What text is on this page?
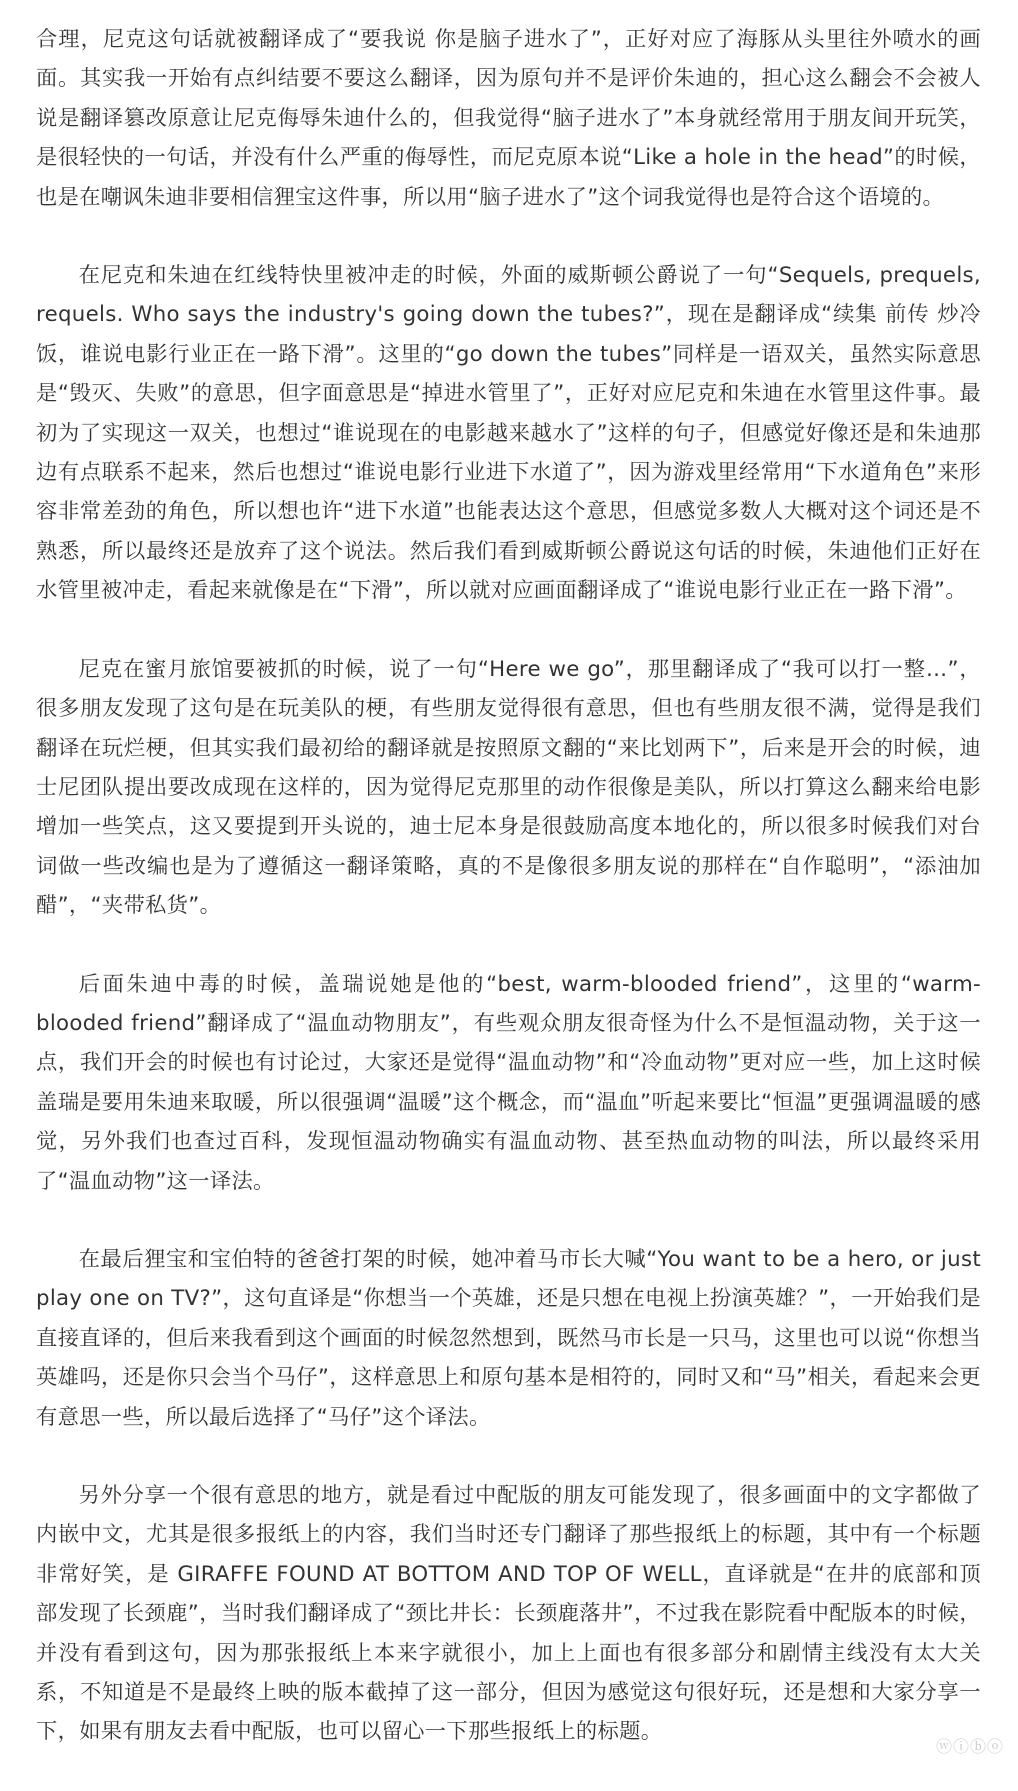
合理，尼克这句话就被翻译成了“要我说 你是脑子进水了”，正好对应了海豚从头里往外喷水的画面。其实我一开始有点纠结要不要这么翻译，因为原句并不是评价朱迪的，担心这么翻会不会被人说是翻译篡改原意让尼克侮辱朱迪什么的，但我觉得“脑子进水了”本身就经常用于朋友间开玩笑，是很轻快的一句话，并没有什么严重的侮辱性，而尼克原本说“Like a hole in the head”的时候，也是在嘲讽朱迪非要相信狸宝这件事，所以用“脑子进水了”这个词我觉得也是符合这个语境的。

在尼克和朱迪在红线特快里被冲走的时候，外面的威斯顿公爵说了一句“Sequels, prequels, requels. Who says the industry's going down the tubes?”，现在是翻译成“续集 前传 炒冷饭，谁说电影行业正在一路下滑”。这里的“go down the tubes”同样是一语双关，虽然实际意思是“毁灭、失败”的意思，但字面意思是“掉进水管里了”，正好对应尼克和朱迪在水管里这件事。最初为了实现这一双关，也想过“谁说现在的电影越来越水了”这样的句子，但感觉好像还是和朱迪那边有点联系不起来，然后也想过“谁说电影行业进下水道了”，因为游戏里经常用“下水道角色”来形容非常差劲的角色，所以想也许“进下水道”也能表达这个意思，但感觉多数人大概对这个词还是不熟悉，所以最终还是放弃了这个说法。然后我们看到威斯顿公爵说这句话的时候，朱迪他们正好在水管里被冲走，看起来就像是在“下滑”，所以就对应画面翻译成了“谁说电影行业正在一路下滑”。

尼克在蜜月旅馆要被抓的时候，说了一句“Here we go”，那里翻译成了“我可以打一整…”，很多朋友发现了这句是在玩美队的梗，有些朋友觉得很有意思，但也有些朋友很不满，觉得是我们翻译在玩烂梗，但其实我们最初给的翻译就是按照原文翻的“来比划两下”，后来是开会的时候，迪士尼团队提出要改成现在这样的，因为觉得尼克那里的动作很像是美队，所以打算这么翻来给电影增加一些笑点，这又要提到开头说的，迪士尼本身是很鼓励高度本地化的，所以很多时候我们对台词做一些改编也是为了遵循这一翻译策略，真的不是像很多朋友说的那样在“自作聪明”，“添油加醋”，“夹带私货”。

后面朱迪中毒的时候，盖瑞说她是他的“best, warm-blooded friend”，这里的“warm-blooded friend”翻译成了“温血动物朋友”，有些观众朋友很奇怪为什么不是恒温动物，关于这一点，我们开会的时候也有讨论过，大家还是觉得“温血动物”和“冷血动物”更对应一些，加上这时候盖瑞是要用朱迪来取暖，所以很强调“温暖”这个概念，而“温血”听起来要比“恒温”更强调温暖的感觉，另外我们也查过百科，发现恒温动物确实有温血动物、甚至热血动物的叫法，所以最终采用了“温血动物”这一译法。

在最后狸宝和宝伯特的爸爸打架的时候，她冲着马市长大喊“You want to be a hero, or just play one on TV?”，这句直译是“你想当一个英雄，还是只想在电视上扮演英雄？”，一开始我们是直接直译的，但后来我看到这个画面的时候忽然想到，既然马市长是一只马，这里也可以说“你想当英雄吗，还是你只会当个马仔”，这样意思上和原句基本是相符的，同时又和“马”相关，看起来会更有意思一些，所以最后选择了“马仔”这个译法。

另外分享一个很有意思的地方，就是看过中配版的朋友可能发现了，很多画面中的文字都做了内嵌中文，尤其是很多报纸上的内容，我们当时还专门翻译了那些报纸上的标题，其中有一个标题非常好笑，是 GIRAFFE FOUND AT BOTTOM AND TOP OF WELL，直译就是“在井的底部和顶部发现了长颈鹿”，当时我们翻译成了“颈比井长：长颈鹿落井”，不过我在影院看中配版本的时候，并没有看到这句，因为那张报纸上本来字就很小，加上上面也有很多部分和剧情主线没有太大关系，不知道是不是最终上映的版本截掉了这一部分，但因为感觉这句很好玩，还是想和大家分享一下，如果有朋友去看中配版，也可以留心一下那些报纸上的标题。

ⓦⓘⓑⓞ
